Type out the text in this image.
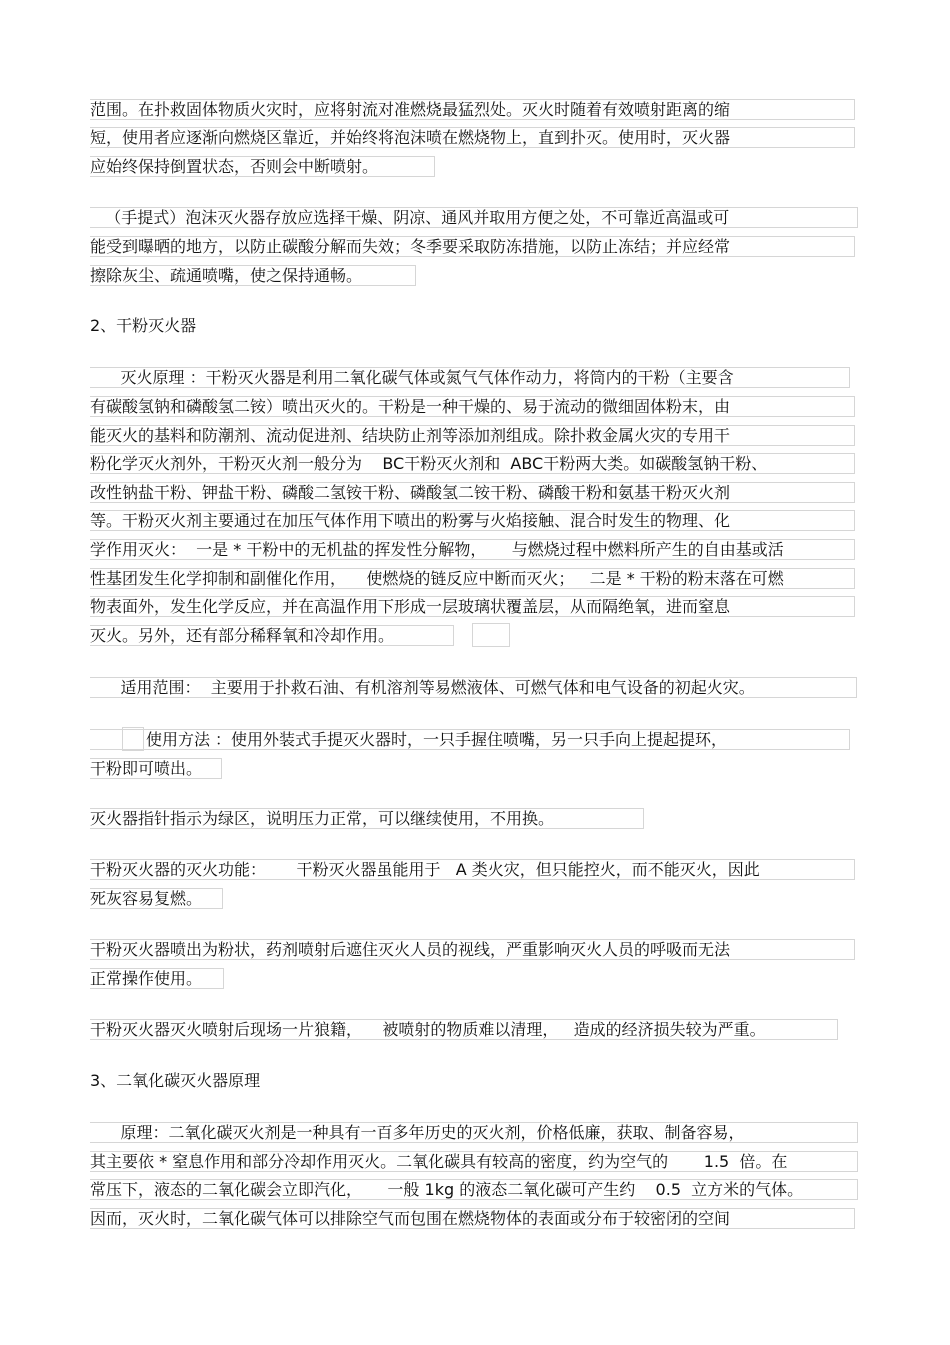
范围。在扑救固体物质火灾时，应将射流对准燃烧最猛烈处。灭火时随着有效喷射距离的缩
短，使用者应逐渐向燃烧区靠近，并始终将泡沫喷在燃烧物上，直到扑灭。使用时，灭火器
应始终保持倒置状态，否则会中断喷射。
（手提式）泡沫灭火器存放应选择干燥、阴凉、通风并取用方便之处，不可靠近高温或可
能受到曝晒的地方，以防止碳酸分解而失效；冬季要采取防冻措施，以防止冻结；并应经常
擦除灰尘、疏通喷嘴，使之保持通畅。
2、干粉灭火器
灭火原理 ：干粉灭火器是利用二氧化碳气体或氮气气体作动力，将筒内的干粉（主要含
有碳酸氢钠和磷酸氢二铵）喷出灭火的。干粉是一种干燥的、易于流动的微细固体粉末，由
能灭火的基料和防潮剂、流动促进剂、结块防止剂等添加剂组成。除扑救金属火灾的专用干
粉化学灭火剂外，干粉灭火剂一般分为    BC干粉灭火剂和  ABC干粉两大类。如碳酸氢钠干粉、
改性钠盐干粉、钾盐干粉、磷酸二氢铵干粉、磷酸氢二铵干粉、磷酸干粉和氨基干粉灭火剂
等。干粉灭火剂主要通过在加压气体作用下喷出的粉雾与火焰接触、混合时发生的物理、化
学作用灭火：  一是 * 干粉中的无机盐的挥发性分解物，     与燃烧过程中燃料所产生的自由基或活
性基团发生化学抑制和副催化作用，    使燃烧的链反应中断而灭火；   二是 * 干粉的粉末落在可燃
物表面外，发生化学反应，并在高温作用下形成一层玻璃状覆盖层，从而隔绝氧，进而窒息
灭火。另外，还有部分稀释氧和冷却作用。
适用范围：  主要用于扑救石油、有机溶剂等易燃液体、可燃气体和电气设备的初起火灾。
使用方法 ：使用外装式手提灭火器时，一只手握住喷嘴，另一只手向上提起提环，
干粉即可喷出。
灭火器指针指示为绿区，说明压力正常，可以继续使用，不用换。
干粉灭火器的灭火功能：      干粉灭火器虽能用于   A 类火灾，但只能控火，而不能灭火，因此
死灰容易复燃。
干粉灭火器喷出为粉状，药剂喷射后遮住灭火人员的视线，严重影响灭火人员的呼吸而无法
正常操作使用。
干粉灭火器灭火喷射后现场一片狼籍，    被喷射的物质难以清理，   造成的经济损失较为严重。
3、二氧化碳灭火器原理
原理：二氧化碳灭火剂是一种具有一百多年历史的灭火剂，价格低廉，获取、制备容易，
其主要依 * 窒息作用和部分冷却作用灭火。二氧化碳具有较高的密度，约为空气的       1.5  倍。在
常压下，液态的二氧化碳会立即汽化，     一般 1kg 的液态二氧化碳可产生约    0.5  立方米的气体。
因而，灭火时，二氧化碳气体可以排除空气而包围在燃烧物体的表面或分布于较密闭的空间
